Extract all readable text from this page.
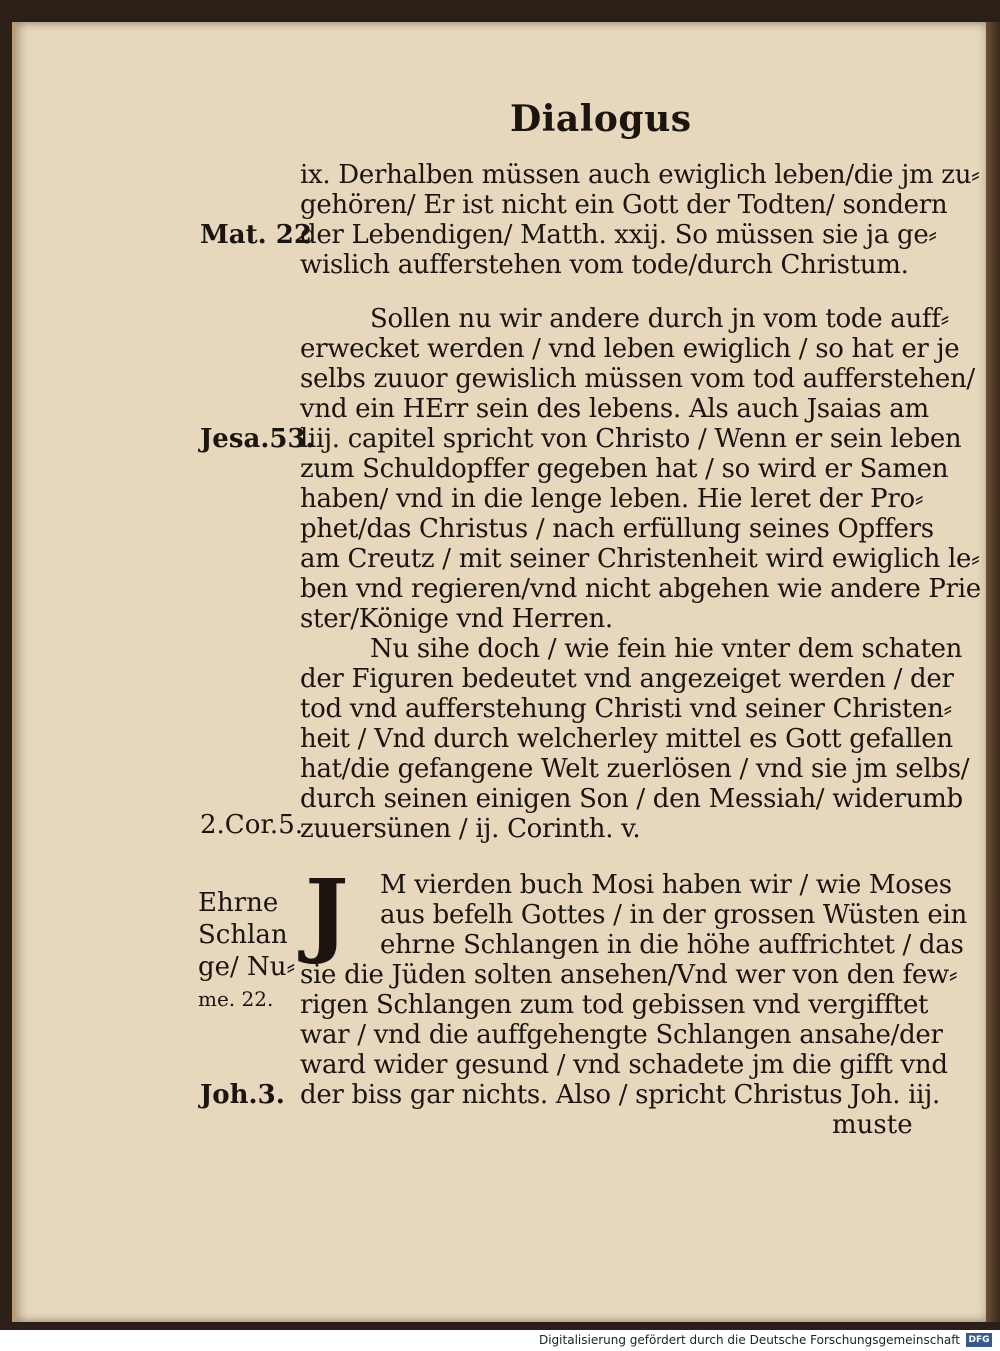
Dialogus
ix. Derhalben müssen auch ewiglich leben/die jm zu⸗
gehören/ Er ist nicht ein Gott der Todten/ sondern
der Lebendigen/ Matth. xxij. So müssen sie ja ge⸗
wislich aufferstehen vom tode/durch Christum.
Sollen nu wir andere durch jn vom tode auff⸗
erwecket werden / vnd leben ewiglich / so hat er je
selbs zuuor gewislich müssen vom tod aufferstehen/
vnd ein HErr sein des lebens. Als auch Jsaias am
liij. capitel spricht von Christo / Wenn er sein leben
zum Schuldopffer gegeben hat / so wird er Samen
haben/ vnd in die lenge leben. Hie leret der Pro⸗
phet/das Christus / nach erfüllung seines Opffers
am Creutz / mit seiner Christenheit wird ewiglich le⸗
ben vnd regieren/vnd nicht abgehen wie andere Prie
ster/Könige vnd Herren.
Nu sihe doch / wie fein hie vnter dem schaten
der Figuren bedeutet vnd angezeiget werden / der
tod vnd aufferstehung Christi vnd seiner Christen⸗
heit / Vnd durch welcherley mittel es Gott gefallen
hat/die gefangene Welt zuerlösen / vnd sie jm selbs/
durch seinen einigen Son / den Messiah/ widerumb
zuuersünen / ij. Corinth. v.
J	M vierden buch Mosi haben wir / wie Moses
aus befelh Gottes / in der grossen Wüsten ein
ehrne Schlangen in die höhe auffrichtet / das
sie die Jüden solten ansehen/Vnd wer von den few⸗
rigen Schlangen zum tod gebissen vnd vergifftet
war / vnd die auffgehengte Schlangen ansahe/der
ward wider gesund / vnd schadete jm die gifft vnd
der biss gar nichts. Also / spricht Christus Joh. iij.
muste
Mat. 22
Jesa.53.
2.Cor.5.
Ehrne
Schlan
ge/ Nu⸗
me. 22.
Joh.3.
Digitalisierung gefördert durch die Deutsche Forschungsgemeinschaft DFG
